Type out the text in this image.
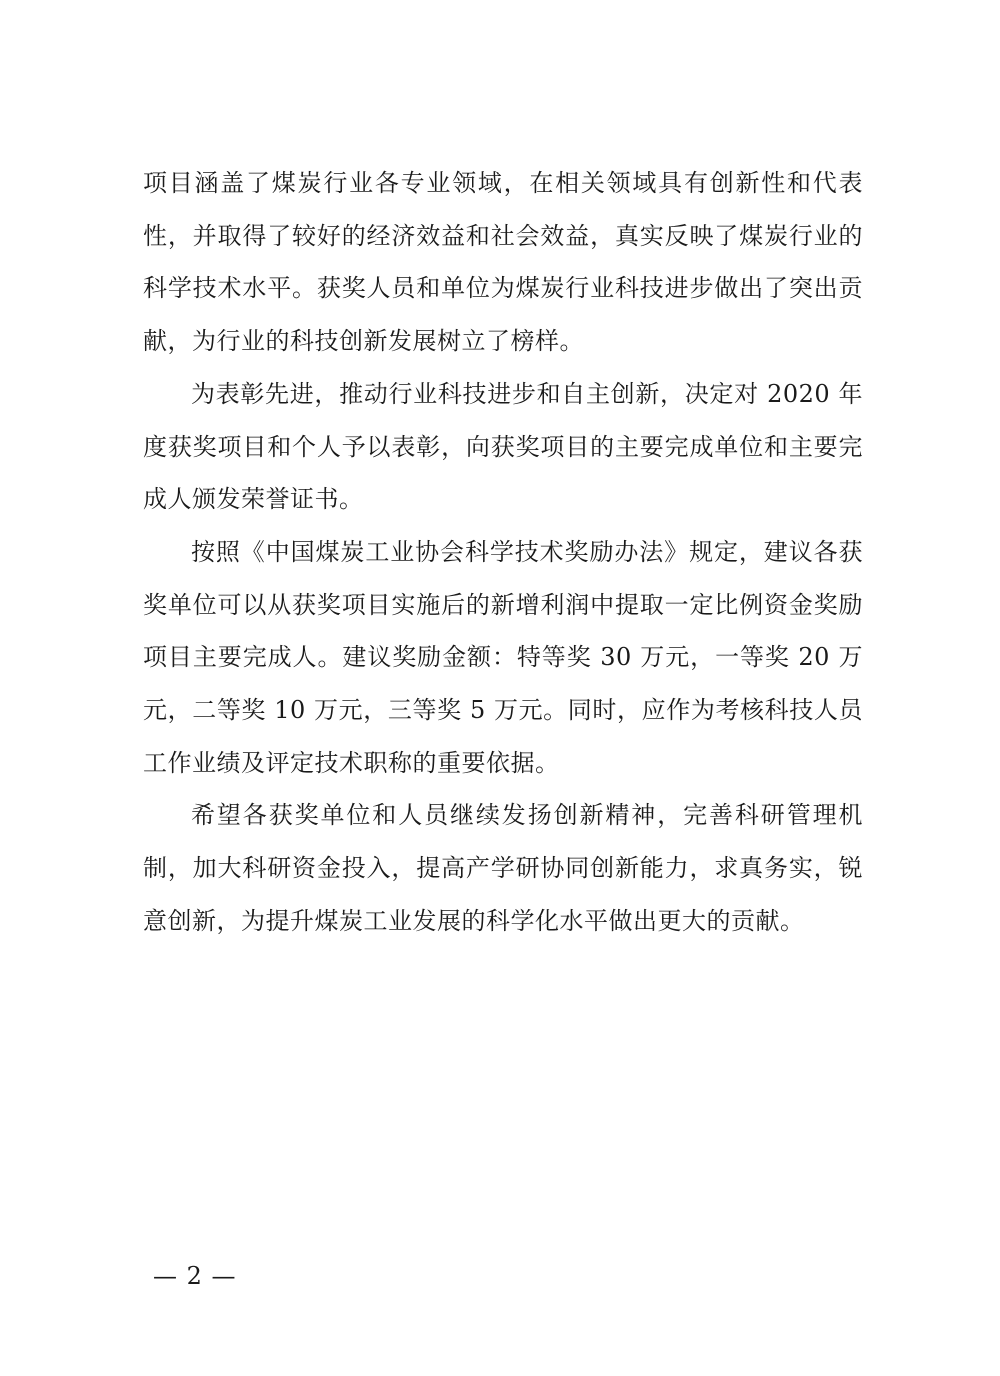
项目涵盖了煤炭行业各专业领域，在相关领域具有创新性和代表性，并取得了较好的经济效益和社会效益，真实反映了煤炭行业的科学技术水平。获奖人员和单位为煤炭行业科技进步做出了突出贡献，为行业的科技创新发展树立了榜样。

为表彰先进，推动行业科技进步和自主创新，决定对 2020 年度获奖项目和个人予以表彰，向获奖项目的主要完成单位和主要完成人颁发荣誉证书。

按照《中国煤炭工业协会科学技术奖励办法》规定，建议各获奖单位可以从获奖项目实施后的新增利润中提取一定比例资金奖励项目主要完成人。建议奖励金额：特等奖 30 万元，一等奖 20 万元，二等奖 10 万元，三等奖 5 万元。同时，应作为考核科技人员工作业绩及评定技术职称的重要依据。

希望各获奖单位和人员继续发扬创新精神，完善科研管理机制，加大科研资金投入，提高产学研协同创新能力，求真务实，锐意创新，为提升煤炭工业发展的科学化水平做出更大的贡献。

— 2 —
